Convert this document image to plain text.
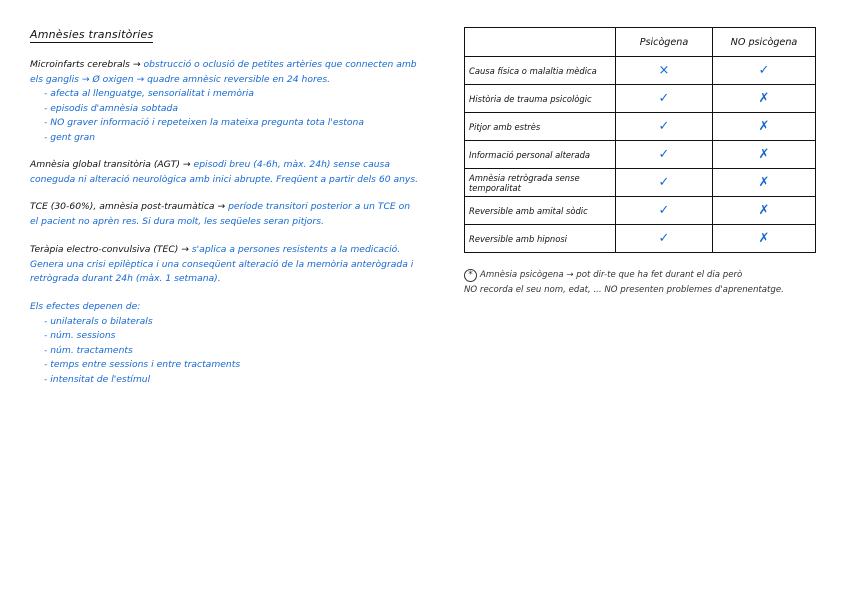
Amnèsies transitòries
Microinfarts cerebrals → obstrucció o oclusió de petites artèries que connecten amb
els ganglis → Ø oxigen → quadre amnèsic reversible en 24 hores.
- afecta al llenguatge, sensorialitat i memòria
- episodis d'amnèsia sobtada
- NO graver informació i repeteixen la mateixa pregunta tota l'estona
- gent gran
Amnèsia global transitòria (AGT) → episodi breu (4-6h, màx. 24h) sense causa
coneguda ni alteració neurològica amb inici abrupte. Freqüent a partir dels 60 anys.
TCE (30-60%), amnèsia post-traumàtica → període transitori posterior a un TCE on
el pacient no aprèn res. Si dura molt, les seqüeles seran pitjors.
Teràpia electro-convulsiva (TEC) → s'aplica a persones resistents a la medicació.
Genera una crisi epilèptica i una conseqüent alteració de la memòria anterògrada i
retrògrada durant 24h (màx. 1 setmana).
Els efectes depenen de:
- unilaterals o bilaterals
- núm. sessions
- núm. tractaments
- temps entre sessions i entre tractaments
- intensitat de l'estímul
	Psicògena	NO psicògena
Causa física o malaltia mèdica	×	✓
Història de trauma psicològic	✓	✗
Pitjor amb estrès	✓	✗
Informació personal alterada	✓	✗
Amnèsia retrògrada sense temporalitat	✓	✗
Reversible amb amital sòdic	✓	✗
Reversible amb hipnosi	✓	✗
* Amnèsia psicògena → pot dir-te que ha fet durant el dia però
NO recorda el seu nom, edat, ... NO presenten problemes d'aprenentatge.
